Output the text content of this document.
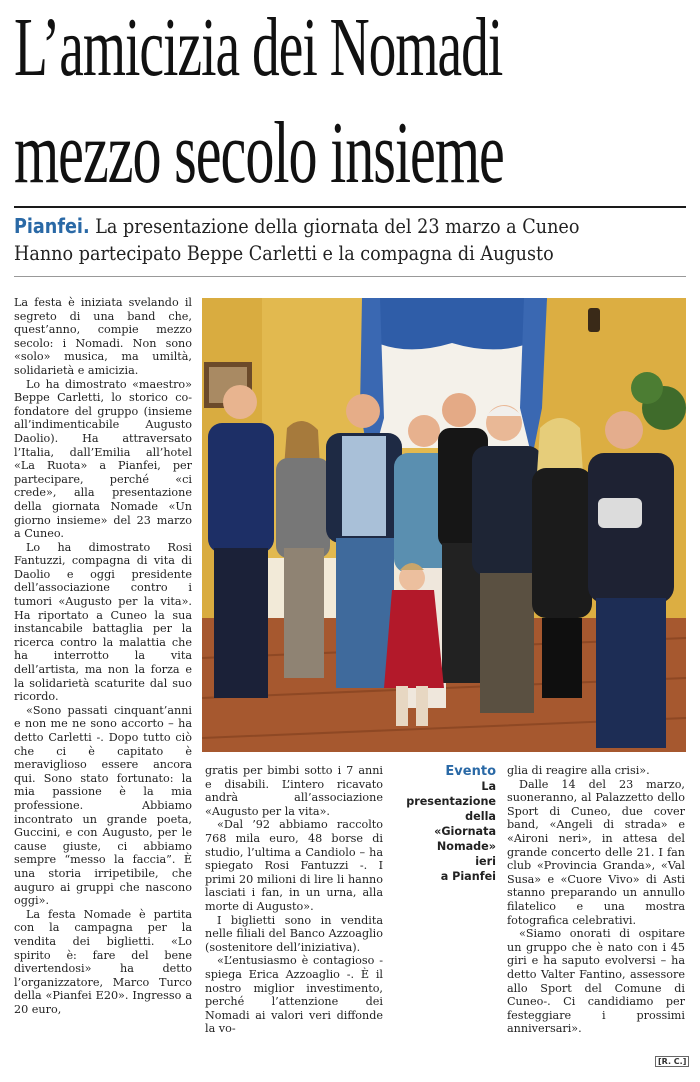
L’amicizia dei Nomadi
mezzo secolo insieme
Pianfei. La presentazione della giornata del 23 marzo a Cuneo
Hanno partecipato Beppe Carletti e la compagna di Augusto

La festa è iniziata svelando il segreto di una band che, quest’anno, compie mezzo secolo: i Nomadi. Non sono «solo» musica, ma umiltà, solidarietà e amicizia.

Lo ha dimostrato «maestro» Beppe Carletti, lo storico co-fondatore del gruppo (insieme all’indimenticabile Augusto Daolio). Ha attraversato l’Italia, dall’Emilia all’hotel «La Ruota» a Pianfei, per partecipare, perché «ci crede», alla presentazione della giornata Nomade «Un giorno insieme» del 23 marzo a Cuneo.

Lo ha dimostrato Rosi Fantuzzi, compagna di vita di Daolio e oggi presidente dell’associazione contro i tumori «Augusto per la vita». Ha riportato a Cuneo la sua instancabile battaglia per la ricerca contro la malattia che ha interrotto la vita dell’artista, ma non la forza e la solidarietà scaturite dal suo ricordo.

«Sono passati cinquant’anni e non me ne sono accorto – ha detto Carletti -. Dopo tutto ciò che ci è capitato è meraviglioso essere ancora qui. Sono stato fortunato: la mia passione è la mia professione. Abbiamo incontrato un grande poeta, Guccini, e con Augusto, per le cause giuste, ci abbiamo sempre “messo la faccia”. È una storia irripetibile, che auguro ai gruppi che nascono oggi».

La festa Nomade è partita con la campagna per la vendita dei biglietti. «Lo spirito è: fare del bene divertendosi» ha detto l’organizzatore, Marco Turco della «Pianfei E20». Ingresso a 20 euro,

gratis per bimbi sotto i 7 anni e disabili. L’intero ricavato andrà all’associazione «Augusto per la vita».

«Dal ’92 abbiamo raccolto 768 mila euro, 48 borse di studio, l’ultima a Candiolo – ha spiegato Rosi Fantuzzi -. I primi 20 milioni di lire li hanno lasciati i fan, in un urna, alla morte di Augusto».

I biglietti sono in vendita nelle filiali del Banco Azzoaglio (sostenitore dell’iniziativa).

«L’entusiasmo è contagioso - spiega Erica Azzoaglio -. È il nostro miglior investimento, perché l’attenzione dei Nomadi ai valori veri diffonde la vo-

Evento
La
presentazione
della
«Giornata
Nomade»
ieri
a Pianfei

glia di reagire alla crisi».

Dalle 14 del 23 marzo, suoneranno, al Palazzetto dello Sport di Cuneo, due cover band, «Angeli di strada» e «Aironi neri», in attesa del grande concerto delle 21. I fan club «Provincia Granda», «Val Susa» e «Cuore Vivo» di Asti stanno preparando un annullo filatelico e una mostra fotografica celebrativi.

«Siamo onorati di ospitare un gruppo che è nato con i 45 giri e ha saputo evolversi – ha detto Valter Fantino, assessore allo Sport del Comune di Cuneo-. Ci candidiamo per festeggiare i prossimi anniversari».

[R. C.]
